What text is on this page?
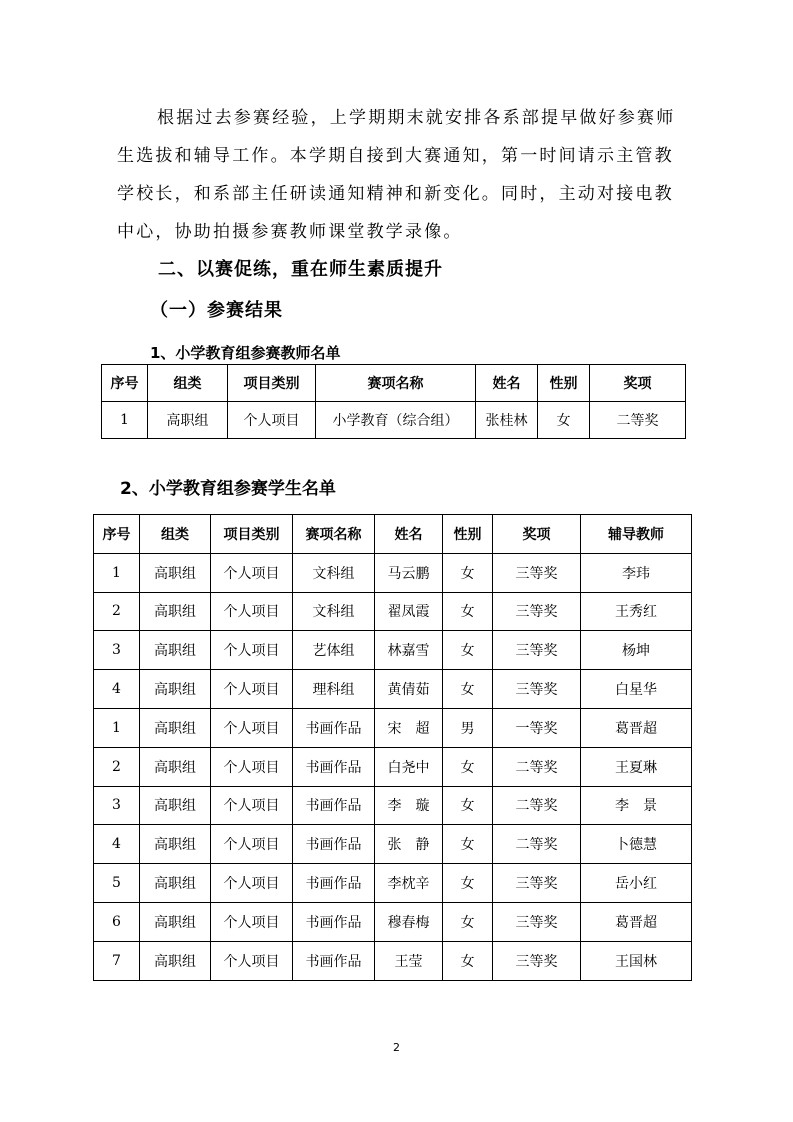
根据过去参赛经验，上学期期末就安排各系部提早做好参赛师

生选拔和辅导工作。本学期自接到大赛通知，第一时间请示主管教

学校长，和系部主任研读通知精神和新变化。同时，主动对接电教

中心，协助拍摄参赛教师课堂教学录像。

二、以赛促练，重在师生素质提升
（一）参赛结果
1、小学教育组参赛教师名单
序号	组类	项目类别	赛项名称	姓名	性别	奖项
1	高职组	个人项目	小学教育（综合组）	张桂林	女	二等奖
2、小学教育组参赛学生名单
序号	组类	项目类别	赛项名称	姓名	性别	奖项	辅导教师
1	高职组	个人项目	文科组	马云鹏	女	三等奖	李玮
2	高职组	个人项目	文科组	翟凤霞	女	三等奖	王秀红
3	高职组	个人项目	艺体组	林嘉雪	女	三等奖	杨坤
4	高职组	个人项目	理科组	黄倩茹	女	三等奖	白星华
1	高职组	个人项目	书画作品	宋　超	男	一等奖	葛晋超
2	高职组	个人项目	书画作品	白尧中	女	二等奖	王夏琳
3	高职组	个人项目	书画作品	李　璇	女	二等奖	李　景
4	高职组	个人项目	书画作品	张　静	女	二等奖	卜德慧
5	高职组	个人项目	书画作品	李枕辛	女	三等奖	岳小红
6	高职组	个人项目	书画作品	穆春梅	女	三等奖	葛晋超
7	高职组	个人项目	书画作品	王莹	女	三等奖	王国林
2
